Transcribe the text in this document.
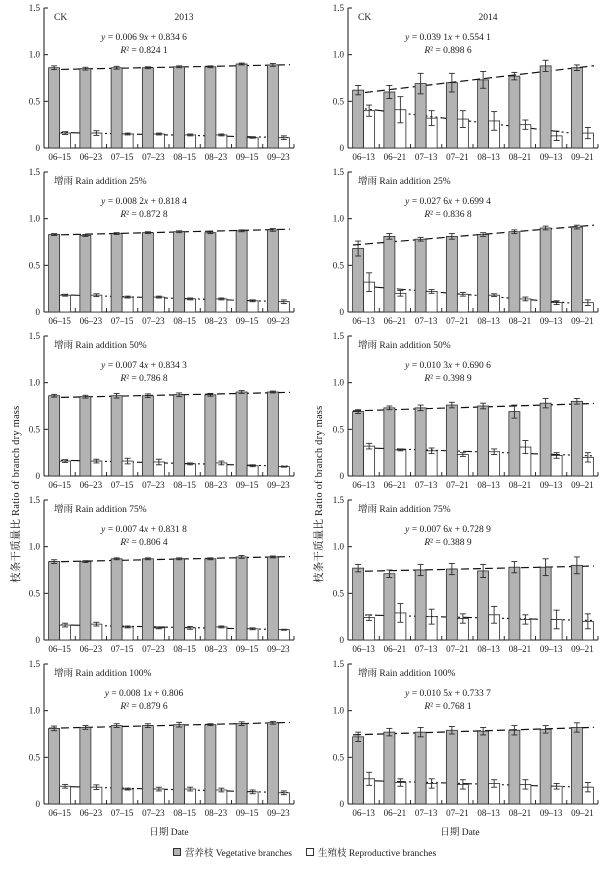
枝条干质量比 Ratio of branch dry mass	枝条干质量比 Ratio of branch dry mass
0
0.5
1.0
1.5
06–15 06–23 07–15 07–23 08–15 08–23 09–15 09–23
CK	2013
y = 0.006 9x + 0.834 6
R² = 0.824 1
0
0.5
1.0
1.5
06–13 06–21 07–13 07–21 08–13 08–21 09–13 09–21
CK	2014
y = 0.039 1x + 0.554 1
R² = 0.898 6
0
0.5
1.0
1.5
06–15 06–23 07–15 07–23 08–15 08–23 09–15 09–23
增雨 Rain addition 25%
y = 0.008 2x + 0.818 4
R² = 0.872 8
0
0.5
1.0
1.5
06–13 06–21 07–13 07–21 08–13 08–21 09–13 09–21
增雨 Rain addition 25%
y = 0.027 6x + 0.699 4
R² = 0.836 8
0
0.5
1.0
1.5
06–15 06–23 07–15 07–23 08–15 08–23 09–15 09–23
增雨 Rain addition 50%
y = 0.007 4x + 0.834 3
R² = 0.786 8
0
0.5
1.0
1.5
06–13 06–21 07–13 07–21 08–13 08–21 09–13 09–21
增雨 Rain addition 50%
y = 0.010 3x + 0.690 6
R² = 0.398 9
0
0.5
1.0
1.5
06–15 06–23 07–15 07–23 08–15 08–23 09–15 09–23
增雨 Rain addition 75%
y = 0.007 4x + 0.831 8
R² = 0.806 4
0
0.5
1.0
1.5
06–13 06–21 07–13 07–21 08–13 08–21 09–13 09–21
增雨 Rain addition 75%
y = 0.007 6x + 0.728 9
R² = 0.388 9
0
0.5
1.0
1.5
06–15 06–23 07–15 07–23 08–15 08–23 09–15 09–23
增雨 Rain addition 100%
y = 0.008 1x + 0.806
R² = 0.879 6
0
0.5
1.0
1.5
06–13 06–21 07–13 07–21 08–13 08–21 09–13 09–21
增雨 Rain addition 100%
y = 0.010 5x + 0.733 7
R² = 0.768 1
日期 Date	日期 Date
营养枝 Vegetative branches	生殖枝 Reproductive branches
